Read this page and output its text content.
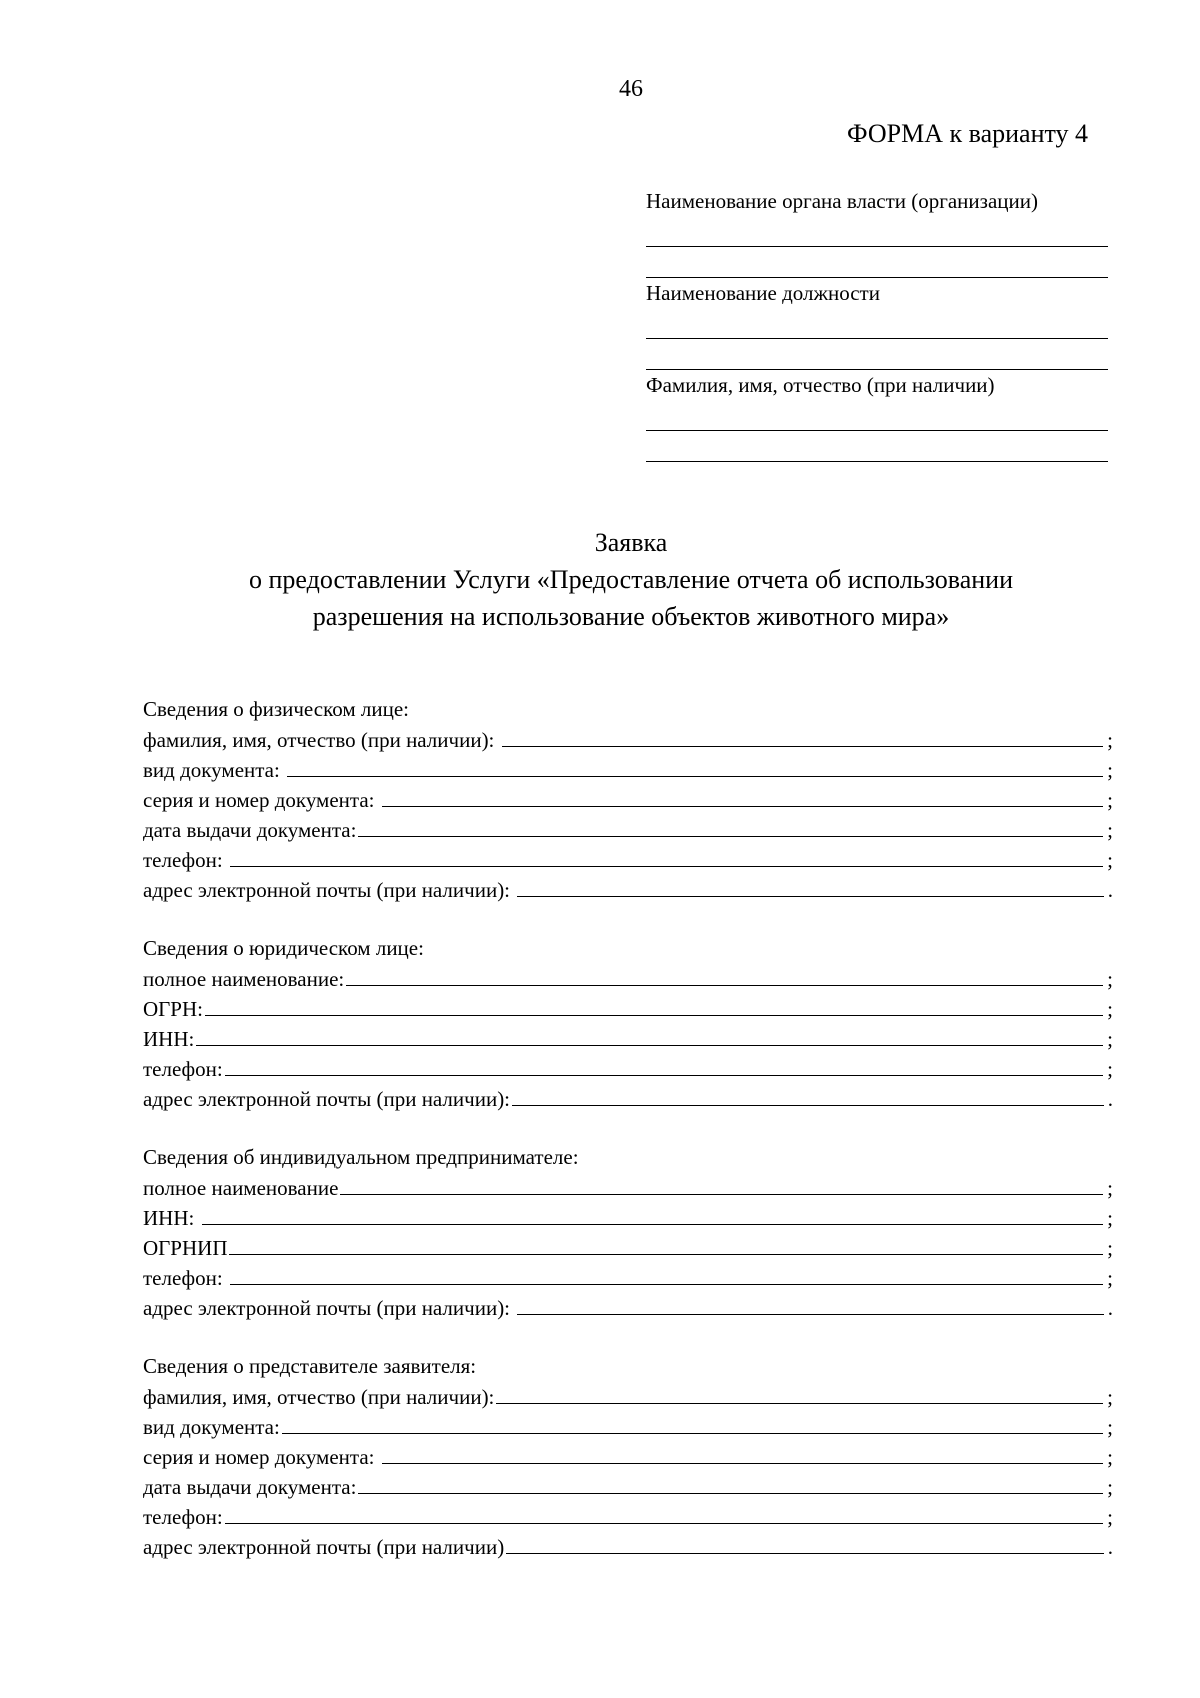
46
ФОРМА к варианту 4

Наименование органа власти (организации)

Наименование должности

Фамилия, имя, отчество (при наличии)

Заявка
о предоставлении Услуги «Предоставление отчета об использовании
разрешения на использование объектов животного мира»
Сведения о физическом лице:
фамилия, имя, отчество (при наличии):	;
вид документа:	;
серия и номер документа:	;
дата выдачи документа:	;
телефон:	;
адрес электронной почты (при наличии):	.
Сведения о юридическом лице:
полное наименование:	;
ОГРН:	;
ИНН:	;
телефон:	;
адрес электронной почты (при наличии):	.
Сведения об индивидуальном предпринимателе:
полное наименование	;
ИНН:	;
ОГРНИП	;
телефон:	;
адрес электронной почты (при наличии):	.
Сведения о представителе заявителя:
фамилия, имя, отчество (при наличии):	;
вид документа:	;
серия и номер документа:	;
дата выдачи документа:	;
телефон:	;
адрес электронной почты (при наличии)	.
